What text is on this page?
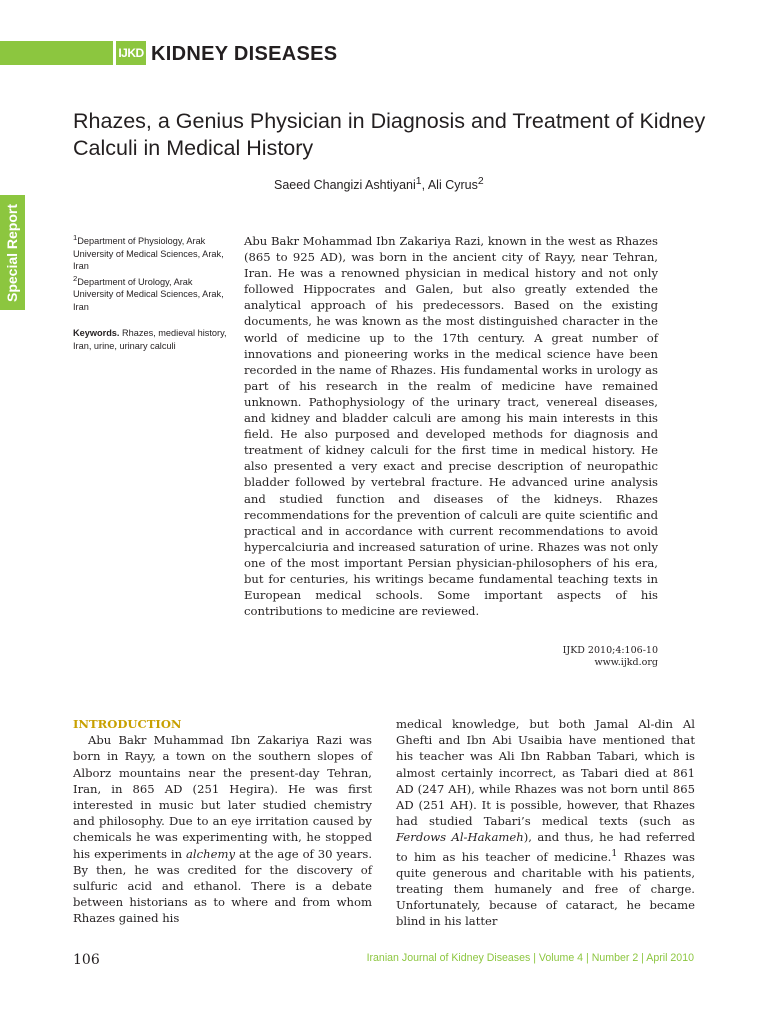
IJKD KIDNEY DISEASES
Special Report
Rhazes, a Genius Physician in Diagnosis and Treatment of Kidney Calculi in Medical History
Saeed Changizi Ashtiyani$^1$, Ali Cyrus$^2$

$^1$Department of Physiology, Arak University of Medical Sciences, Arak, Iran

$^2$Department of Urology, Arak University of Medical Sciences, Arak, Iran

Keywords. Rhazes, medieval history, Iran, urine, urinary calculi

Abu Bakr Mohammad Ibn Zakariya Razi, known in the west as Rhazes (865 to 925 AD), was born in the ancient city of Rayy, near Tehran, Iran. He was a renowned physician in medical history and not only followed Hippocrates and Galen, but also greatly extended the analytical approach of his predecessors. Based on the existing documents, he was known as the most distinguished character in the world of medicine up to the 17th century. A great number of innovations and pioneering works in the medical science have been recorded in the name of Rhazes. His fundamental works in urology as part of his research in the realm of medicine have remained unknown. Pathophysiology of the urinary tract, venereal diseases, and kidney and bladder calculi are among his main interests in this field. He also purposed and developed methods for diagnosis and treatment of kidney calculi for the first time in medical history. He also presented a very exact and precise description of neuropathic bladder followed by vertebral fracture. He advanced urine analysis and studied function and diseases of the kidneys. Rhazes recommendations for the prevention of calculi are quite scientific and practical and in accordance with current recommendations to avoid hypercalciuria and increased saturation of urine. Rhazes was not only one of the most important Persian physician-philosophers of his era, but for centuries, his writings became fundamental teaching texts in European medical schools. Some important aspects of his contributions to medicine are reviewed.

IJKD 2010;4:106-10
www.ijkd.org

INTRODUCTION

Abu Bakr Muhammad Ibn Zakariya Razi was born in Rayy, a town on the southern slopes of Alborz mountains near the present-day Tehran, Iran, in 865 AD (251 Hegira). He was first interested in music but later studied chemistry and philosophy. Due to an eye irritation caused by chemicals he was experimenting with, he stopped his experiments in alchemy at the age of 30 years. By then, he was credited for the discovery of sulfuric acid and ethanol. There is a debate between historians as to where and from whom Rhazes gained his

medical knowledge, but both Jamal Al-din Al Ghefti and Ibn Abi Usaibia have mentioned that his teacher was Ali Ibn Rabban Tabari, which is almost certainly incorrect, as Tabari died at 861 AD (247 AH), while Rhazes was not born until 865 AD (251 AH). It is possible, however, that Rhazes had studied Tabari’s medical texts (such as Ferdows Al-Hakameh), and thus, he had referred to him as his teacher of medicine.$^1$ Rhazes was quite generous and charitable with his patients, treating them humanely and free of charge. Unfortunately, because of cataract, he became blind in his latter

106	Iranian Journal of Kidney Diseases | Volume 4 | Number 2 | April 2010
